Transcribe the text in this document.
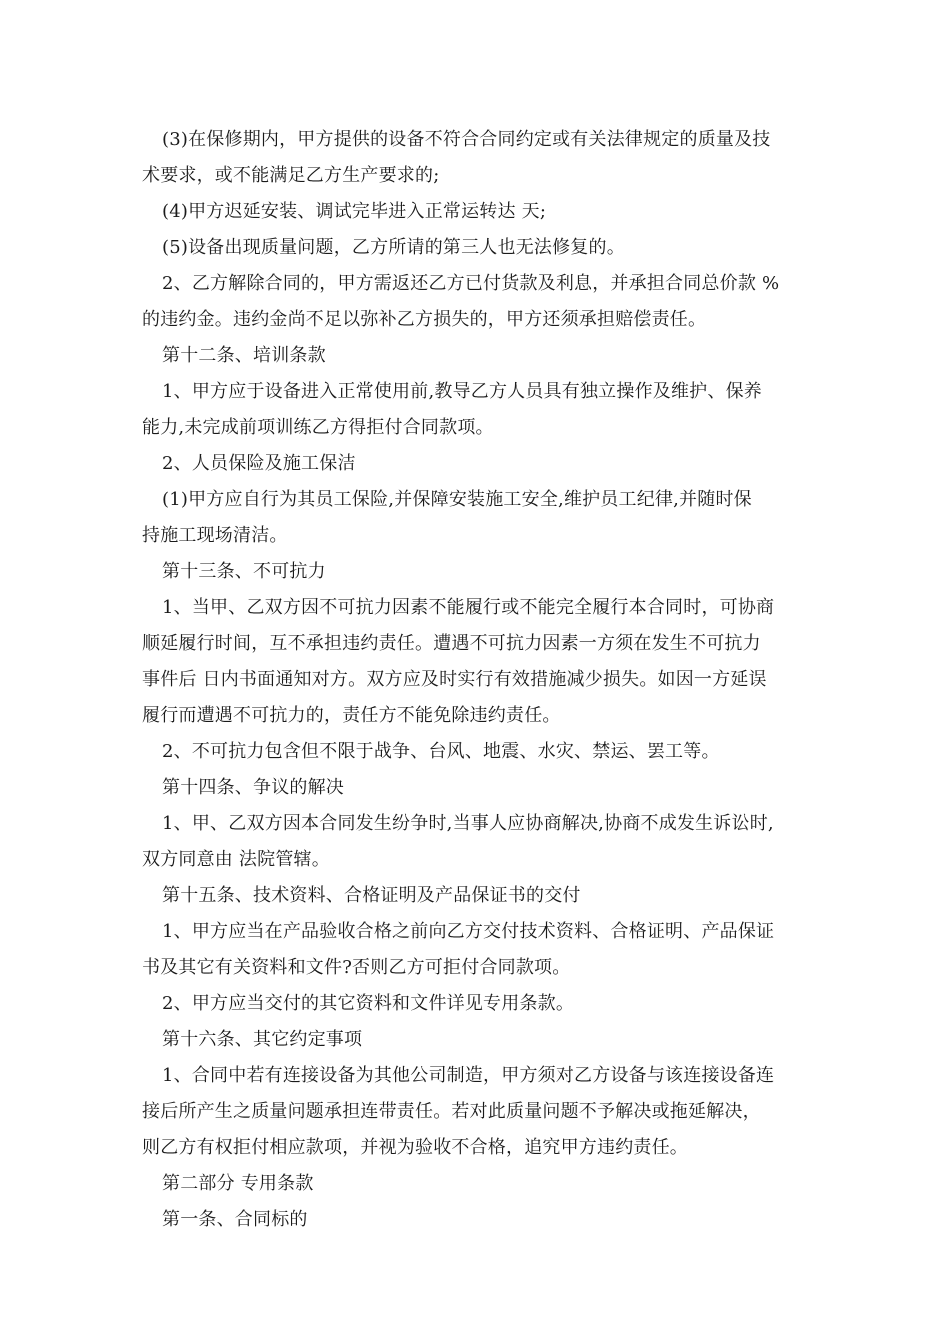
(3)在保修期内，甲方提供的设备不符合合同约定或有关法律规定的质量及技
术要求，或不能满足乙方生产要求的;
(4)甲方迟延安装、调试完毕进入正常运转达 天;
(5)设备出现质量问题，乙方所请的第三人也无法修复的。
2、乙方解除合同的，甲方需返还乙方已付货款及利息，并承担合同总价款 %
的违约金。违约金尚不足以弥补乙方损失的，甲方还须承担赔偿责任。
第十二条、培训条款
1、甲方应于设备进入正常使用前,教导乙方人员具有独立操作及维护、保养
能力,未完成前项训练乙方得拒付合同款项。
2、人员保险及施工保洁
(1)甲方应自行为其员工保险,并保障安装施工安全,维护员工纪律,并随时保
持施工现场清洁。
第十三条、不可抗力
1、当甲、乙双方因不可抗力因素不能履行或不能完全履行本合同时，可协商
顺延履行时间，互不承担违约责任。遭遇不可抗力因素一方须在发生不可抗力
事件后 日内书面通知对方。双方应及时实行有效措施减少损失。如因一方延误
履行而遭遇不可抗力的，责任方不能免除违约责任。
2、不可抗力包含但不限于战争、台风、地震、水灾、禁运、罢工等。
第十四条、争议的解决
1、甲、乙双方因本合同发生纷争时,当事人应协商解决,协商不成发生诉讼时,
双方同意由 法院管辖。
第十五条、技术资料、合格证明及产品保证书的交付
1、甲方应当在产品验收合格之前向乙方交付技术资料、合格证明、产品保证
书及其它有关资料和文件?否则乙方可拒付合同款项。
2、甲方应当交付的其它资料和文件详见专用条款。
第十六条、其它约定事项
1、合同中若有连接设备为其他公司制造，甲方须对乙方设备与该连接设备连
接后所产生之质量问题承担连带责任。若对此质量问题不予解决或拖延解决，
则乙方有权拒付相应款项，并视为验收不合格，追究甲方违约责任。
第二部分 专用条款
第一条、合同标的
